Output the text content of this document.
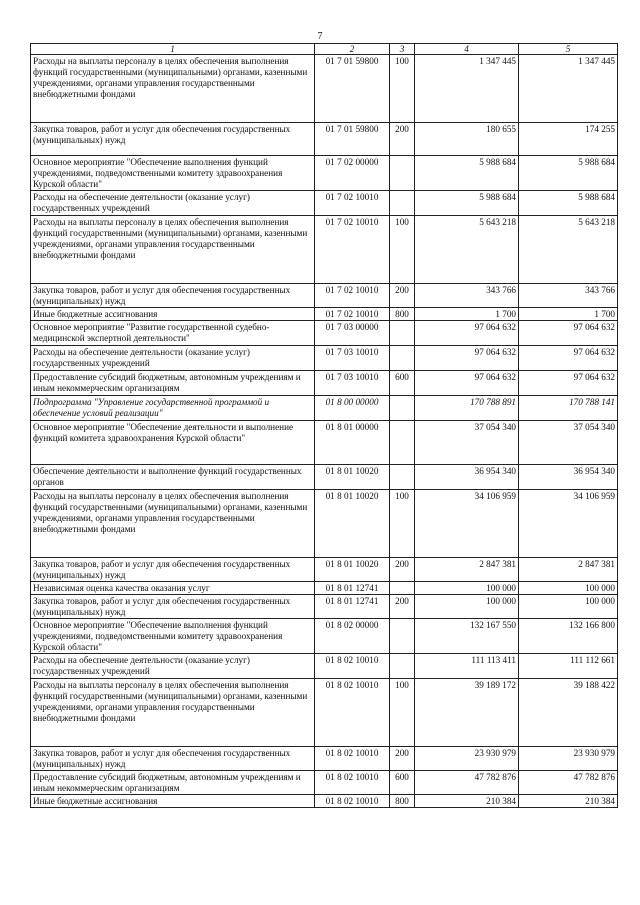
7
1	2	3	4	5
Расходы на выплаты персоналу в целях обеспечения выполнения функций государственными (муниципальными) органами, казенными учреждениями, органами управления государственными внебюджетными фондами	01 7 01 59800	100	1 347 445	1 347 445
Закупка товаров, работ и услуг для обеспечения государственных (муниципальных) нужд	01 7 01 59800	200	180 655	174 255
Основное мероприятие "Обеспечение выполнения функций учреждениями, подведомственными комитету здравоохранения Курской области"	01 7 02 00000		5 988 684	5 988 684
Расходы на обеспечение деятельности (оказание услуг) государственных учреждений	01 7 02 10010		5 988 684	5 988 684
Расходы на выплаты персоналу в целях обеспечения выполнения функций государственными (муниципальными) органами, казенными учреждениями, органами управления государственными внебюджетными фондами	01 7 02 10010	100	5 643 218	5 643 218
Закупка товаров, работ и услуг для обеспечения государственных (муниципальных) нужд	01 7 02 10010	200	343 766	343 766
Иные бюджетные ассигнования	01 7 02 10010	800	1 700	1 700
Основное мероприятие "Развитие государственной судебно-медицинской экспертной деятельности"	01 7 03 00000		97 064 632	97 064 632
Расходы на обеспечение деятельности (оказание услуг) государственных учреждений	01 7 03 10010		97 064 632	97 064 632
Предоставление субсидий бюджетным, автономным учреждениям и иным некоммерческим организациям	01 7 03 10010	600	97 064 632	97 064 632
Подпрограмма "Управление государственной программой и обеспечение условий реализации"	01 8 00 00000		170 788 891	170 788 141
Основное мероприятие "Обеспечение деятельности и выполнение функций комитета здравоохранения Курской области"	01 8 01 00000		37 054 340	37 054 340
Обеспечение деятельности и выполнение функций государственных органов	01 8 01 10020		36 954 340	36 954 340
Расходы на выплаты персоналу в целях обеспечения выполнения функций государственными (муниципальными) органами, казенными учреждениями, органами управления государственными внебюджетными фондами	01 8 01 10020	100	34 106 959	34 106 959
Закупка товаров, работ и услуг для обеспечения государственных (муниципальных) нужд	01 8 01 10020	200	2 847 381	2 847 381
Независимая оценка качества оказания услуг	01 8 01 12741		100 000	100 000
Закупка товаров, работ и услуг для обеспечения государственных (муниципальных) нужд	01 8 01 12741	200	100 000	100 000
Основное мероприятие "Обеспечение выполнения функций учреждениями, подведомственными комитету здравоохранения Курской области"	01 8 02 00000		132 167 550	132 166 800
Расходы на обеспечение деятельности (оказание услуг) государственных учреждений	01 8 02 10010		111 113 411	111 112 661
Расходы на выплаты персоналу в целях обеспечения выполнения функций государственными (муниципальными) органами, казенными учреждениями, органами управления государственными внебюджетными фондами	01 8 02 10010	100	39 189 172	39 188 422
Закупка товаров, работ и услуг для обеспечения государственных (муниципальных) нужд	01 8 02 10010	200	23 930 979	23 930 979
Предоставление субсидий бюджетным, автономным учреждениям и иным некоммерческим организациям	01 8 02 10010	600	47 782 876	47 782 876
Иные бюджетные ассигнования	01 8 02 10010	800	210 384	210 384
